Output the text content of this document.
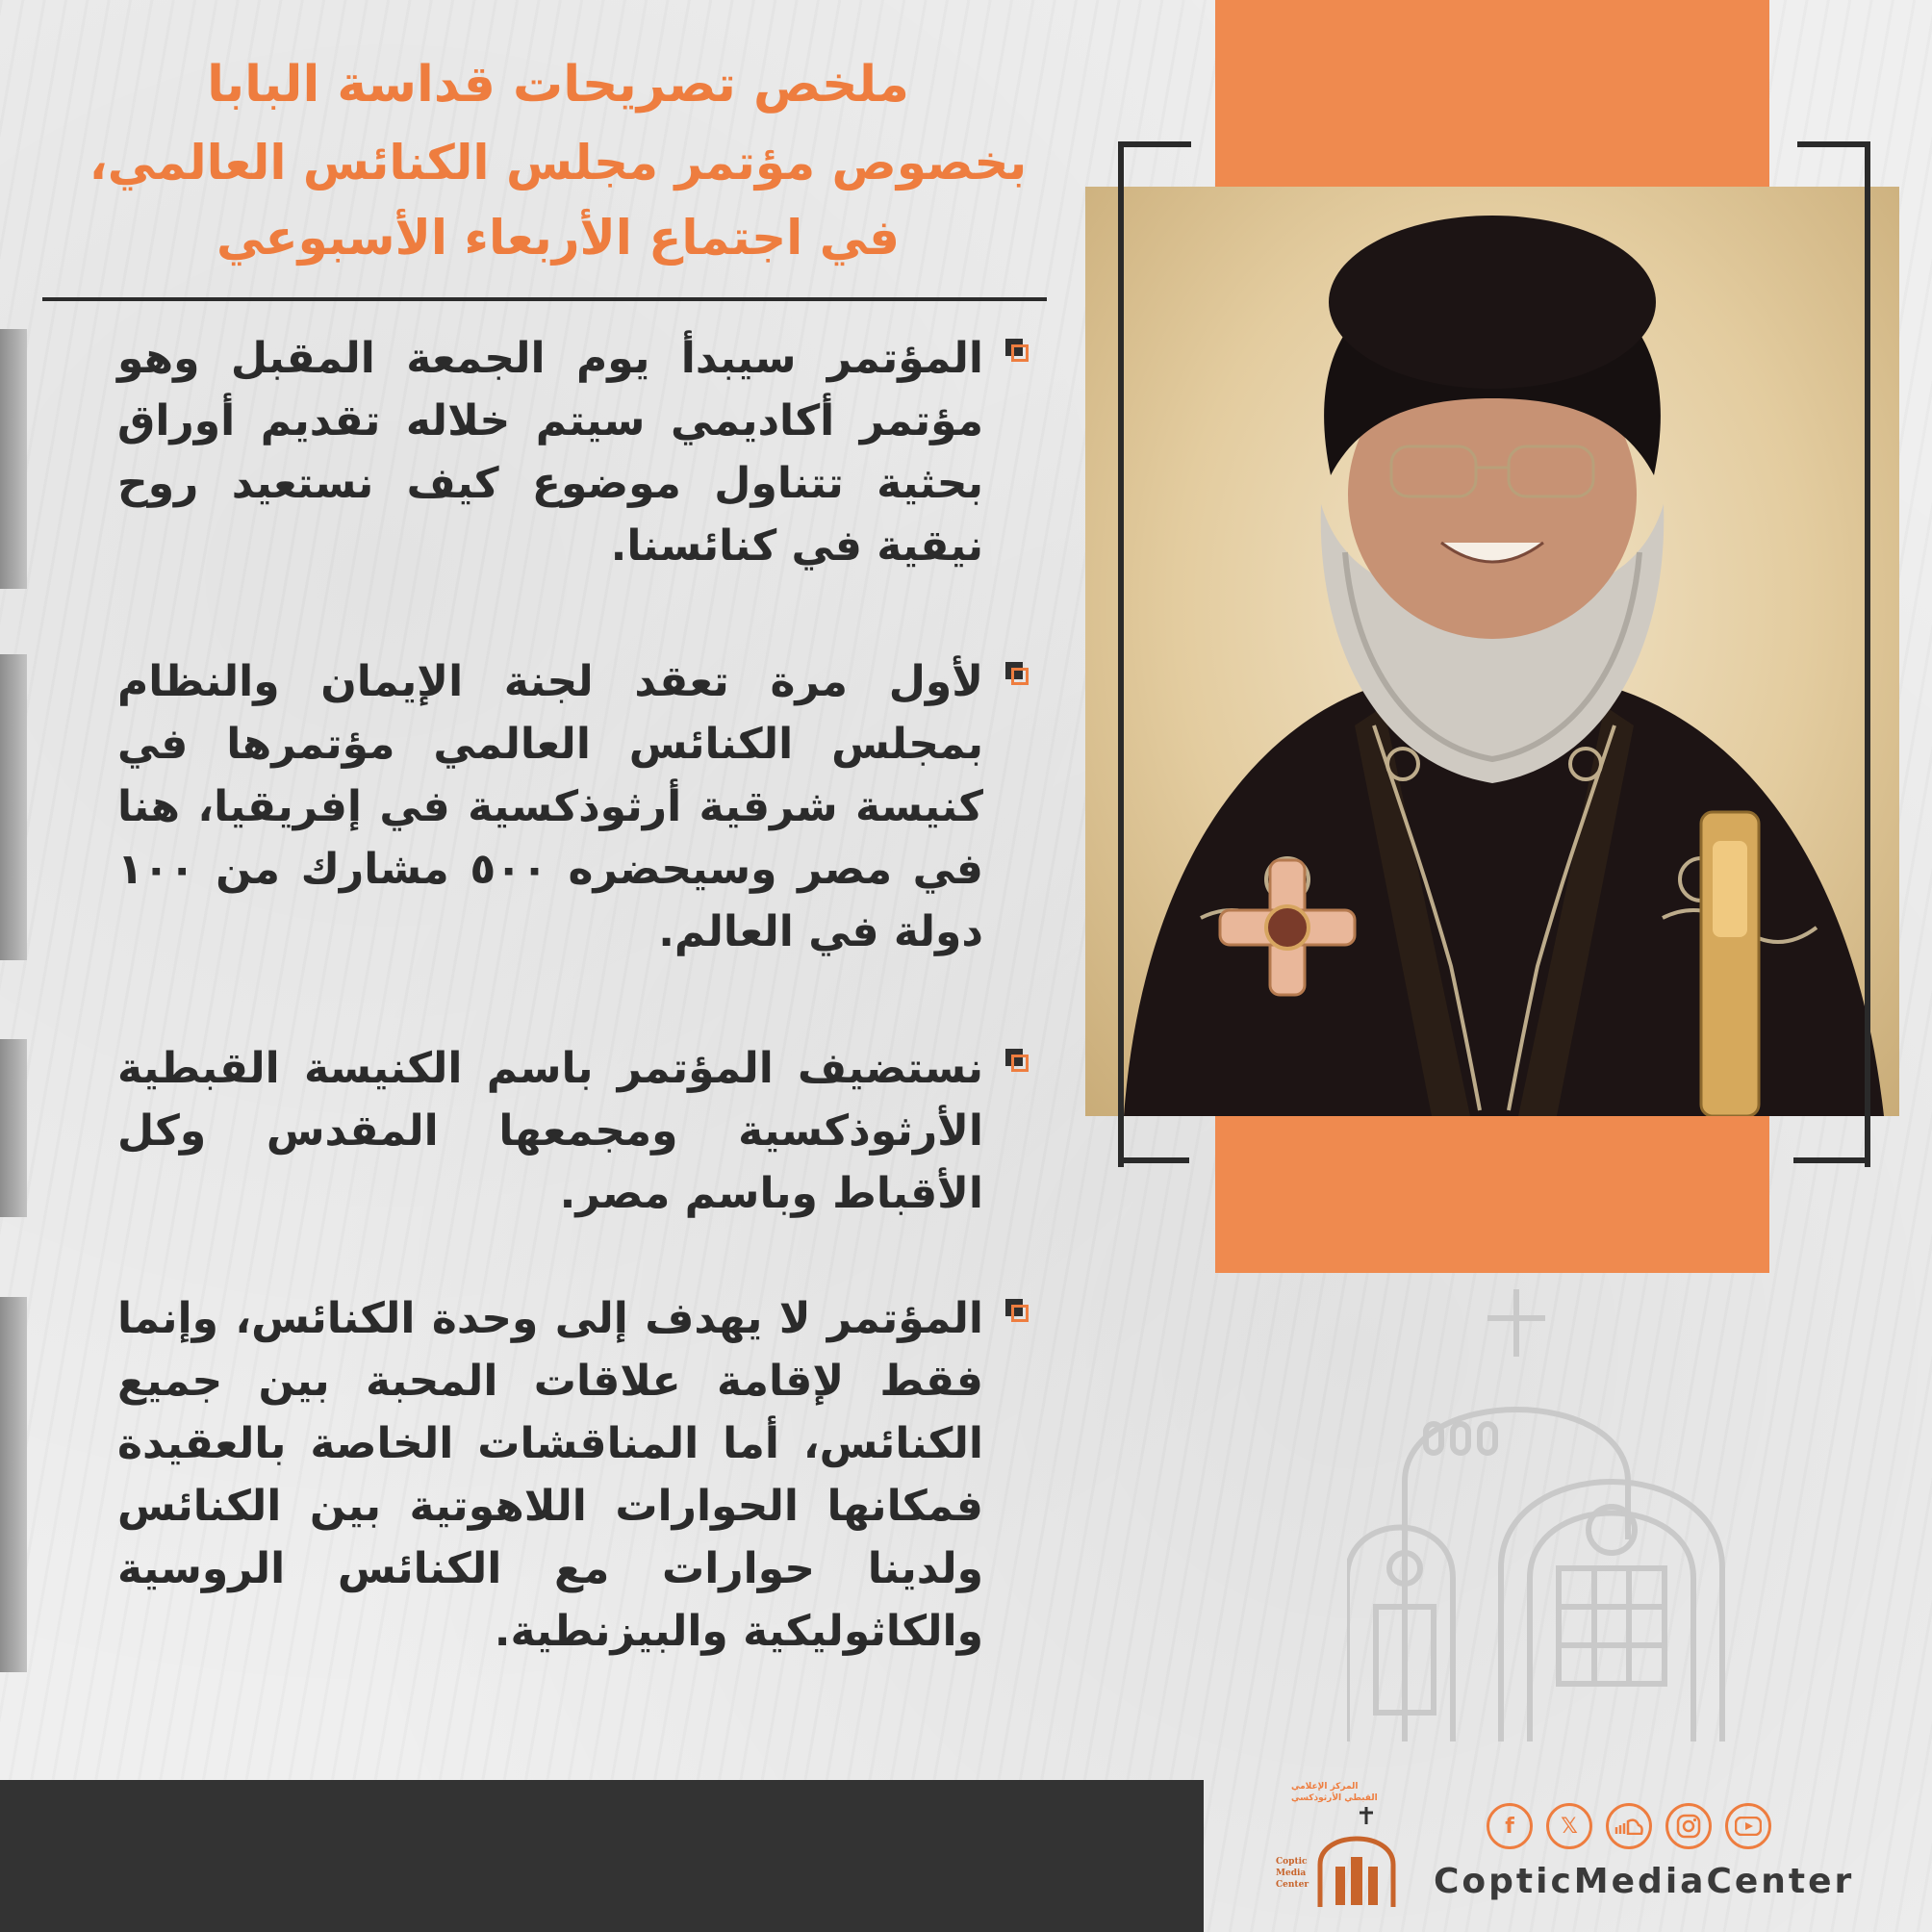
ملخص تصريحات قداسة البابا
بخصوص مؤتمر مجلس الكنائس العالمي،
في اجتماع الأربعاء الأسبوعي

المؤتمر سيبدأ يوم الجمعة المقبل وهو مؤتمر أكاديمي سيتم خلاله تقديم أوراق بحثية تتناول موضوع كيف نستعيد روح نيقية في كنائسنا.

لأول مرة تعقد لجنة الإيمان والنظام بمجلس الكنائس العالمي مؤتمرها في كنيسة شرقية أرثوذكسية في إفريقيا، هنا في مصر وسيحضره ٥٠٠ مشارك من ١٠٠ دولة في العالم.

نستضيف المؤتمر باسم الكنيسة القبطية الأرثوذكسية ومجمعها المقدس وكل الأقباط وباسم مصر.

المؤتمر لا يهدف إلى وحدة الكنائس، وإنما فقط لإقامة علاقات المحبة بين جميع الكنائس، أما المناقشات الخاصة بالعقيدة فمكانها الحوارات اللاهوتية بين الكنائس ولدينا حوارات مع الكنائس الروسية والكاثوليكية والبيزنطية.

المركز الإعلامي
القبطي الأرثوذكسي
Coptic
Media
Center
f	𝕏
CopticMediaCenter
